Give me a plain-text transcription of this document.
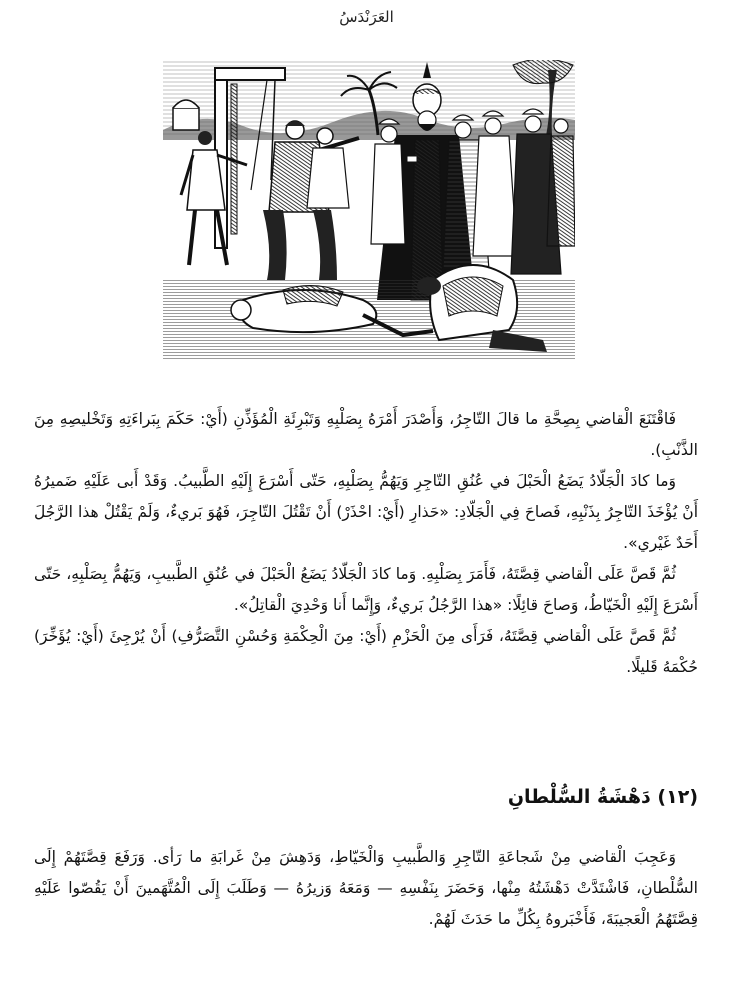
العَرَنْدَسُ

فَاقْتَنَعَ الْقاضي بِصِحَّةِ ما قالَ التّاجِرُ، وَأَصْدَرَ أَمْرَهُ بِصَلْبِهِ وَتَبْرِئَةِ الْمُؤَذِّنِ (أَيْ: حَكَمَ بِبَراءَتِهِ وَتَخْليصِهِ مِنَ الذَّنْبِ).

وَما كادَ الْجَلّادُ يَضَعُ الْحَبْلَ في عُنُقِ التّاجِرِ وَيَهُمُّ بِصَلْبِهِ، حَتّى أَسْرَعَ إِلَيْهِ الطَّبيبُ. وَقَدْ أَبى عَلَيْهِ ضَميرُهُ أَنْ يُؤْخَذَ التّاجِرُ بِذَنْبِهِ، فَصاحَ فِي الْجَلّادِ: «حَذارِ (أَيْ: احْذَرْ) أَنْ تَقْتُلَ التّاجِرَ، فَهُوَ بَريءٌ، وَلَمْ يَقْتُلْ هذا الرَّجُلَ أَحَدٌ غَيْري».

ثُمَّ قَصَّ عَلَى الْقاضي قِصَّتَهُ، فَأَمَرَ بِصَلْبِهِ. وَما كادَ الْجَلّادُ يَضَعُ الْحَبْلَ في عُنُقِ الطَّبيبِ، وَيَهُمُّ بِصَلْبِهِ، حَتّى أَسْرَعَ إِلَيْهِ الْخَيّاطُ، وَصاحَ قائِلًا: «هذا الرَّجُلُ بَريءٌ، وَإِنَّما أَنا وَحْدِيَ الْقاتِلُ».

ثُمَّ قَصَّ عَلَى الْقاضي قِصَّتَهُ، فَرَأَى مِنَ الْحَزْمِ (أَيْ: مِنَ الْحِكْمَةِ وَحُسْنِ التَّصَرُّفِ) أَنْ يُرْجِئَ (أَيْ: يُؤَخِّرَ) حُكْمَهُ قَليلًا.

(١٢) دَهْشَةُ السُّلْطانِ

وَعَجِبَ الْقاضي مِنْ شَجاعَةِ التّاجِرِ وَالطَّبيبِ وَالْخَيّاطِ، وَدَهِشَ مِنْ غَرابَةِ ما رَأى. وَرَفَعَ قِصَّتَهُمْ إِلَى السُّلْطانِ، فَاشْتَدَّتْ دَهْشَتُهُ مِنْها، وَحَضَرَ بِنَفْسِهِ — وَمَعَهُ وَزيرُهُ — وَطَلَبَ إِلَى الْمُتَّهَمينَ أَنْ يَقُصّوا عَلَيْهِ قِصَّتَهُمُ الْعَجيبَةَ، فَأَخْبَروهُ بِكُلِّ ما حَدَثَ لَهُمْ.
